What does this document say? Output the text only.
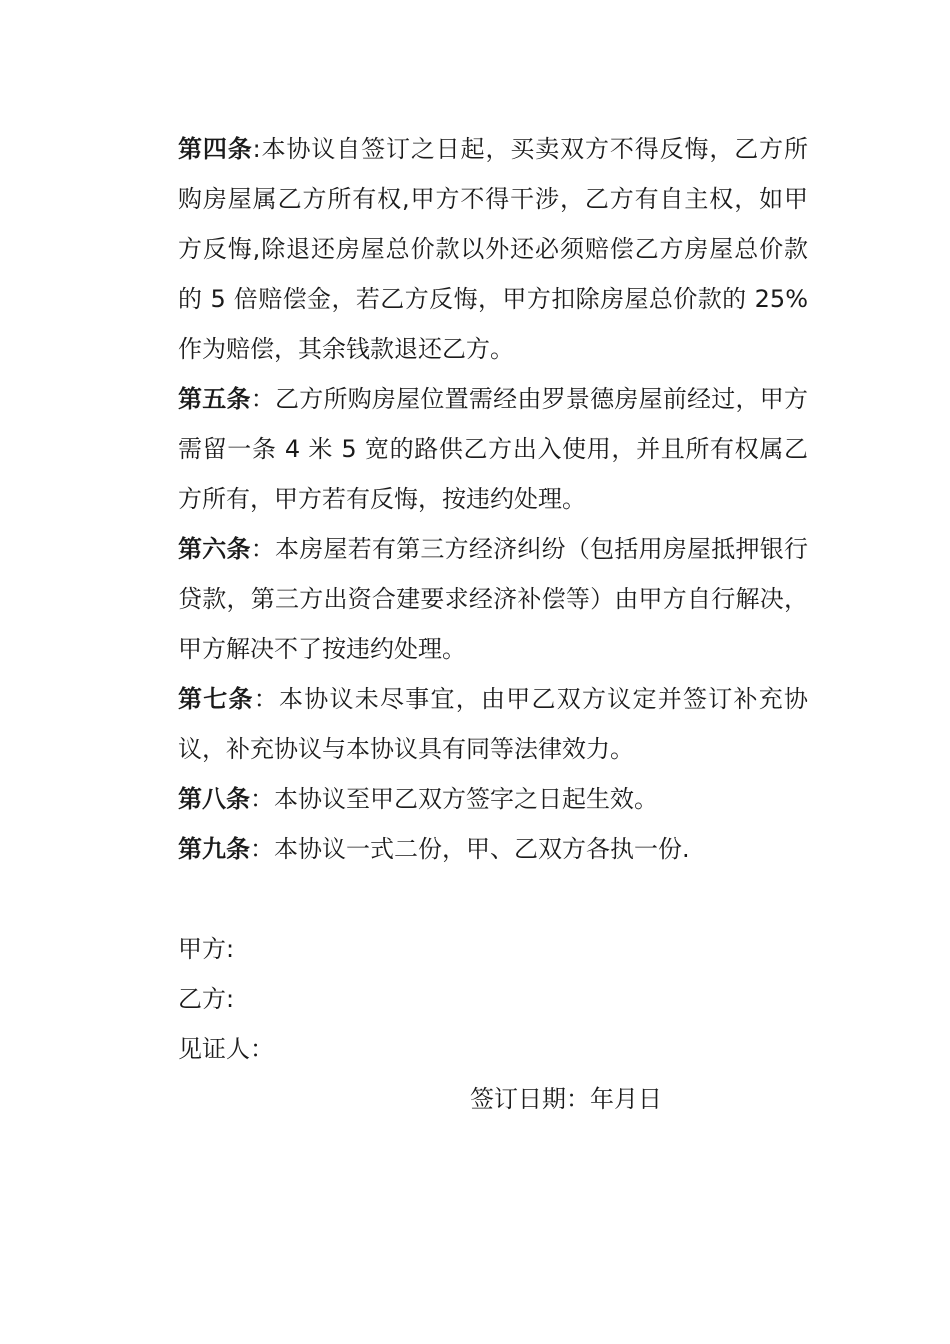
第四条:本协议自签订之日起，买卖双方不得反悔，乙方所购房屋属乙方所有权,甲方不得干涉，乙方有自主权，如甲方反悔,除退还房屋总价款以外还必须赔偿乙方房屋总价款的 5 倍赔偿金，若乙方反悔，甲方扣除房屋总价款的 25%作为赔偿，其余钱款退还乙方。

第五条：乙方所购房屋位置需经由罗景德房屋前经过，甲方需留一条 4 米 5 宽的路供乙方出入使用，并且所有权属乙方所有，甲方若有反悔，按违约处理。

第六条：本房屋若有第三方经济纠纷（包括用房屋抵押银行贷款，第三方出资合建要求经济补偿等）由甲方自行解决，甲方解决不了按违约处理。

第七条：本协议未尽事宜，由甲乙双方议定并签订补充协议，补充协议与本协议具有同等法律效力。

第八条：本协议至甲乙双方签字之日起生效。

第九条：本协议一式二份，甲、乙双方各执一份.

甲方:

乙方:

见证人：

签订日期：年月日
